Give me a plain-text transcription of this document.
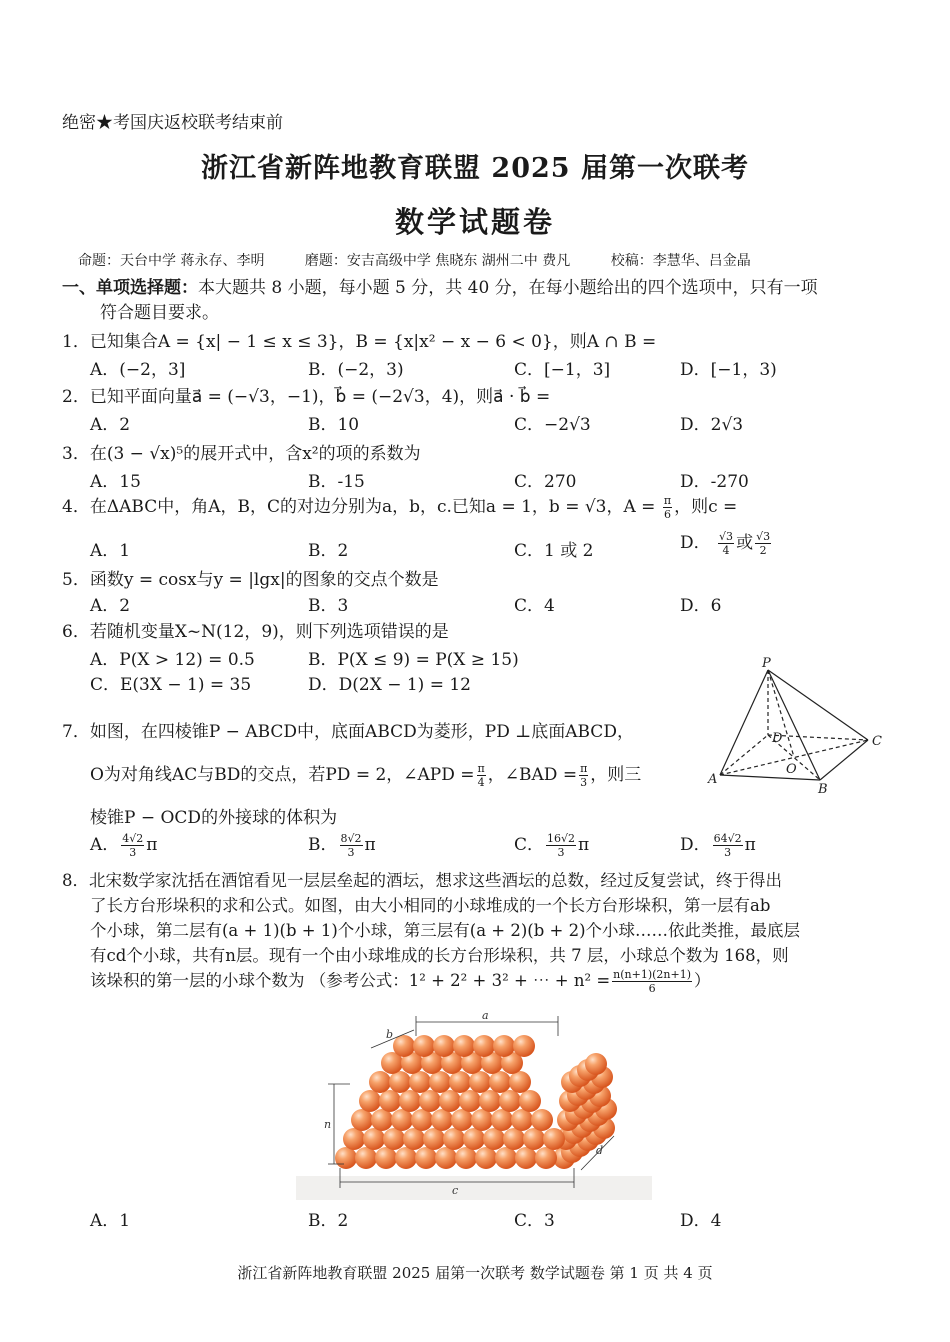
绝密★考国庆返校联考结束前
浙江省新阵地教育联盟 2025 届第一次联考
数学试题卷
命题：天台中学 蒋永存、李明	磨题：安吉高级中学 焦晓东 湖州二中 费凡	校稿：李慧华、吕金晶
一、单项选择题：本大题共 8 小题，每小题 5 分，共 40 分，在每小题给出的四个选项中，只有一项
符合题目要求。
1．已知集合A = {x| − 1 ≤ x ≤ 3}，B = {x|x² − x − 6 < 0}，则A ∩ B =
A．(−2，3]	B．(−2，3)	C．[−1，3]	D．[−1，3)
2．已知平面向量a⃗ = (−√3，−1)，b⃗ = (−2√3，4)，则a⃗ · b⃗ =
A．2	B．10	C．−2√3	D．2√3
3．在(3 − √x)⁵的展开式中，含x²的项的系数为
A．15	B．-15	C．270	D．-270
4．在ΔABC中，角A，B，C的对边分别为a，b，c.已知a = 1，b = √3，$A = \frac{\pi}{6}$ ，则c =
A．1	B．2	C．1 或 2	D． $\frac{√3}{4}$ 或 $\frac{√3}{2}$
5．函数y = cosx与y = |lgx|的图象的交点个数是
A．2	B．3	C．4	D．6
6．若随机变量X~N(12，9)，则下列选项错误的是
A．P(X > 12) = 0.5	B．P(X ≤ 9) = P(X ≥ 15)
C．E(3X − 1) = 35	D．D(2X − 1) = 12
7．如图，在四棱锥P − ABCD中，底面ABCD为菱形，PD ⊥底面ABCD，
O为对角线AC与BD的交点，若PD = 2，∠APD = $\frac{\pi}{4}$ ，∠BAD = $\frac{\pi}{3}$ ，则三
棱锥P − OCD的外接球的体积为
P
D	C
A
O
B
A． $\frac{4√2}{3}$ π	B． $\frac{8√2}{3}$ π	C． $\frac{16√2}{3}$ π	D． $\frac{64√2}{3}$ π
8．北宋数学家沈括在酒馆看见一层层垒起的酒坛，想求这些酒坛的总数，经过反复尝试，终于得出
了长方台形垛积的求和公式。如图，由大小相同的小球堆成的一个长方台形垛积，第一层有ab
个小球，第二层有(a + 1)(b + 1)个小球，第三层有(a + 2)(b + 2)个小球……依此类推，最底层
有cd个小球，共有n层。现有一个由小球堆成的长方台形垛积，共 7 层，小球总个数为 168，则
该垛积的第一层的小球个数为 （参考公式：1² + 2² + 3² + ⋯ + $n^2 = \frac{n(n+1)(2n+1)}{6}$ ）
a
b
n
c
d
A．1	B．2	C．3	D．4
浙江省新阵地教育联盟 2025 届第一次联考 数学试题卷 第 1 页 共 4 页
